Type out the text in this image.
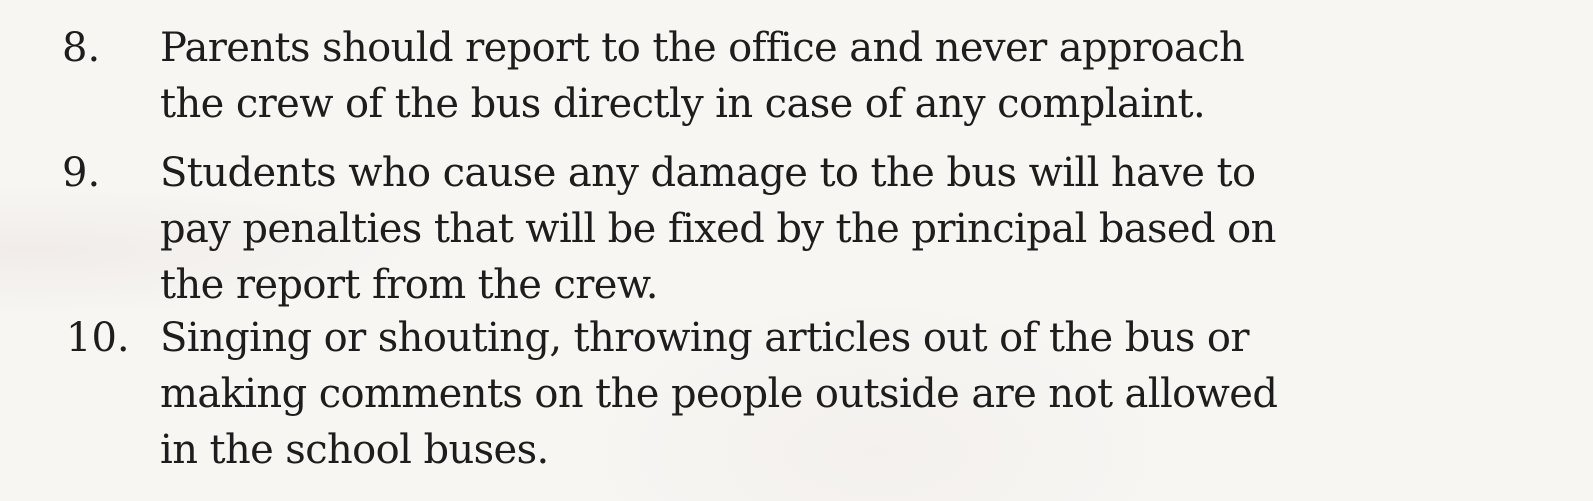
8. Parents should report to the office and never approach
the crew of the bus directly in case of any complaint.

9. Students who cause any damage to the bus will have to
pay penalties that will be fixed by the principal based on
the report from the crew.

10. Singing or shouting, throwing articles out of the bus or
making comments on the people outside are not allowed
in the school buses.
